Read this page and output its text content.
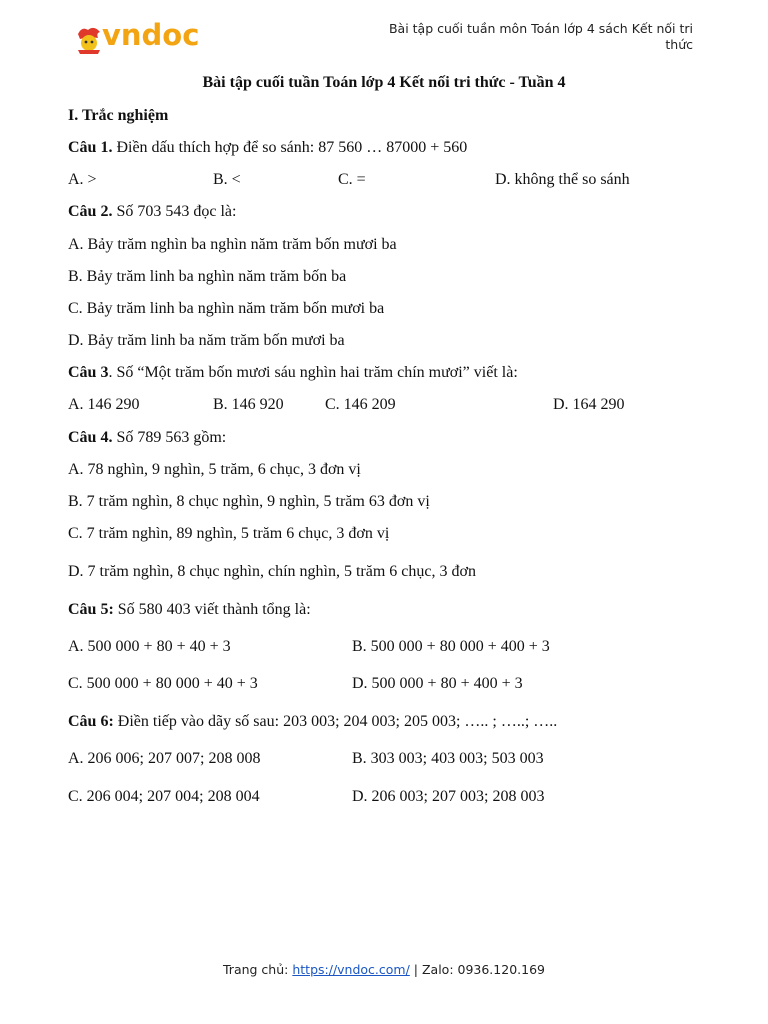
vndoc	Bài tập cuối tuần môn Toán lớp 4 sách Kết nối tri thức
Bài tập cuối tuần Toán lớp 4 Kết nối tri thức - Tuần 4
I. Trắc nghiệm
Câu 1. Điền dấu thích hợp để so sánh: 87 560 … 87000 + 560
A. >	B. <	C. =	D. không thể so sánh
Câu 2. Số 703 543 đọc là:
A. Bảy trăm nghìn ba nghìn năm trăm bốn mươi ba
B. Bảy trăm linh ba nghìn năm trăm bốn ba
C. Bảy trăm linh ba nghìn năm trăm bốn mươi ba
D. Bảy trăm linh ba năm trăm bốn mươi ba
Câu 3. Số “Một trăm bốn mươi sáu nghìn hai trăm chín mươi” viết là:
A. 146 290	B. 146 920	C. 146 209	D. 164 290
Câu 4. Số 789 563 gồm:
A. 78 nghìn, 9 nghìn, 5 trăm, 6 chục, 3 đơn vị
B. 7 trăm nghìn, 8 chục nghìn, 9 nghìn, 5 trăm 63 đơn vị
C. 7 trăm nghìn, 89 nghìn, 5 trăm 6 chục, 3 đơn vị
D. 7 trăm nghìn, 8 chục nghìn, chín nghìn, 5 trăm 6 chục, 3 đơn
Câu 5: Số 580 403 viết thành tổng là:
A. 500 000 + 80 + 40 + 3	B. 500 000 + 80 000 + 400 + 3
C. 500 000 + 80 000 + 40 + 3	D. 500 000 + 80 + 400 + 3
Câu 6: Điền tiếp vào dãy số sau: 203 003; 204 003; 205 003; ….. ; …..; …..
A. 206 006; 207 007; 208 008	B. 303 003; 403 003; 503 003
C. 206 004; 207 004; 208 004	D. 206 003; 207 003; 208 003
Trang chủ: https://vndoc.com/ | Zalo: 0936.120.169
